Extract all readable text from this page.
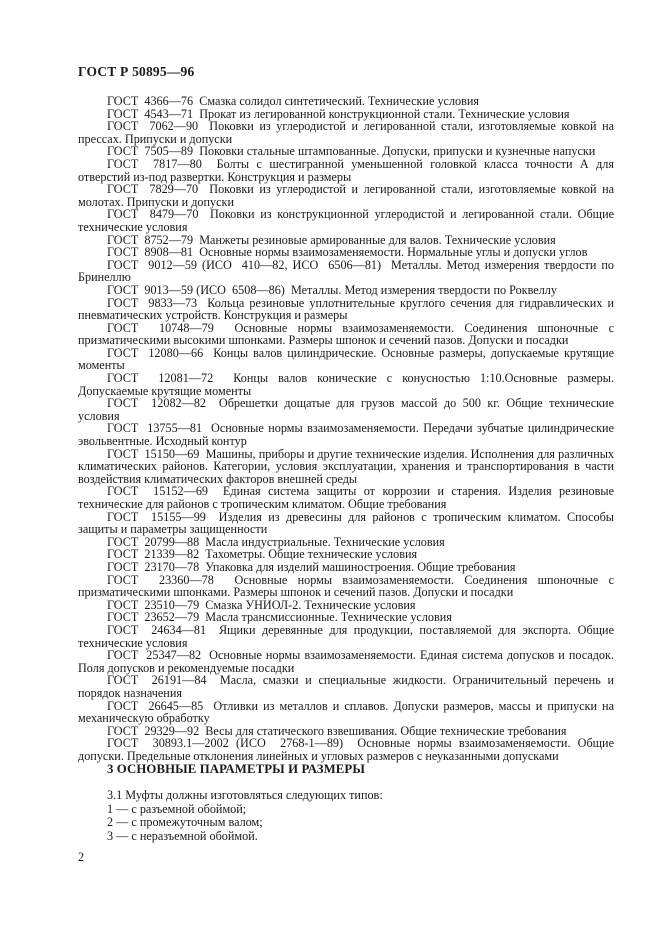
ГОСТ Р 50895—96

ГОСТ  4366—76  Смазка солидол синтетический. Технические условия

ГОСТ  4543—71  Прокат из легированной конструкционной стали. Технические условия

ГОСТ  7062—90  Поковки из углеродистой и легированной стали, изготовляемые ковкой на прессах. Припуски и допуски

ГОСТ  7505—89  Поковки стальные штампованные. Допуски, припуски и кузнечные напуски

ГОСТ  7817—80  Болты с шестигранной уменьшенной головкой класса точности А для отверстий из-под развертки. Конструкция и размеры

ГОСТ  7829—70  Поковки из углеродистой и легированной стали, изготовляемые ковкой на молотах. Припуски и допуски

ГОСТ  8479—70  Поковки из конструкционной углеродистой и легированной стали. Общие технические условия

ГОСТ  8752—79  Манжеты резиновые армированные для валов. Технические условия

ГОСТ  8908—81  Основные нормы взаимозаменяемости. Нормальные углы и допуски углов

ГОСТ  9012—59 (ИСО  410—82, ИСО  6506—81)  Металлы. Метод измерения твердости по Бринеллю

ГОСТ  9013—59 (ИСО  6508—86)  Металлы. Метод измерения твердости по Роквеллу

ГОСТ  9833—73  Кольца резиновые уплотнительные круглого сечения для гидравлических и пневматических устройств. Конструкция и размеры

ГОСТ  10748—79  Основные нормы взаимозаменяемости. Соединения шпоночные с призматическими высокими шпонками. Размеры шпонок и сечений пазов. Допуски и посадки

ГОСТ  12080—66  Концы валов цилиндрические. Основные размеры, допускаемые крутящие моменты

ГОСТ  12081—72  Концы валов конические с конусностью 1:10.Основные размеры. Допускаемые крутящие моменты

ГОСТ  12082—82  Обрешетки дощатые для грузов массой до 500 кг. Общие технические условия

ГОСТ  13755—81  Основные нормы взаимозаменяемости. Передачи зубчатые цилиндрические эвольвентные. Исходный контур

ГОСТ  15150—69  Машины, приборы и другие технические изделия. Исполнения для различных климатических районов. Категории, условия эксплуатации, хранения и транспортирования в части воздействия климатических факторов внешней среды

ГОСТ  15152—69  Единая система защиты от коррозии и старения. Изделия резиновые технические для районов с тропическим климатом. Общие требования

ГОСТ  15155—99  Изделия из древесины для районов с тропическим климатом. Способы защиты и параметры защищенности

ГОСТ  20799—88  Масла индустриальные. Технические условия

ГОСТ  21339—82  Тахометры. Общие технические условия

ГОСТ  23170—78  Упаковка для изделий машиностроения. Общие требования

ГОСТ  23360—78  Основные нормы взаимозаменяемости. Соединения шпоночные с призматическими шпонками. Размеры шпонок и сечений пазов. Допуски и посадки

ГОСТ  23510—79  Смазка УНИОЛ-2. Технические условия

ГОСТ  23652—79  Масла трансмиссионные. Технические условия

ГОСТ  24634—81  Ящики деревянные для продукции, поставляемой для экспорта. Общие технические условия

ГОСТ  25347—82  Основные нормы взаимозаменяемости. Единая система допусков и посадок. Поля допусков и рекомендуемые посадки

ГОСТ  26191—84  Масла, смазки и специальные жидкости. Ограничительный перечень и порядок назначения

ГОСТ  26645—85  Отливки из металлов и сплавов. Допуски размеров, массы и припуски на механическую обработку

ГОСТ  29329—92  Весы для статического взвешивания. Общие технические требования

ГОСТ  30893.1—2002 (ИСО  2768-1—89)  Основные нормы взаимозаменяемости. Общие допуски. Предельные отклонения линейных и угловых размеров с неуказанными допусками

3 ОСНОВНЫЕ ПАРАМЕТРЫ И РАЗМЕРЫ

3.1 Муфты должны изготовляться следующих типов:

1 — с разъемной обоймой;

2 — с промежуточным валом;

3 — с неразъемной обоймой.

2
